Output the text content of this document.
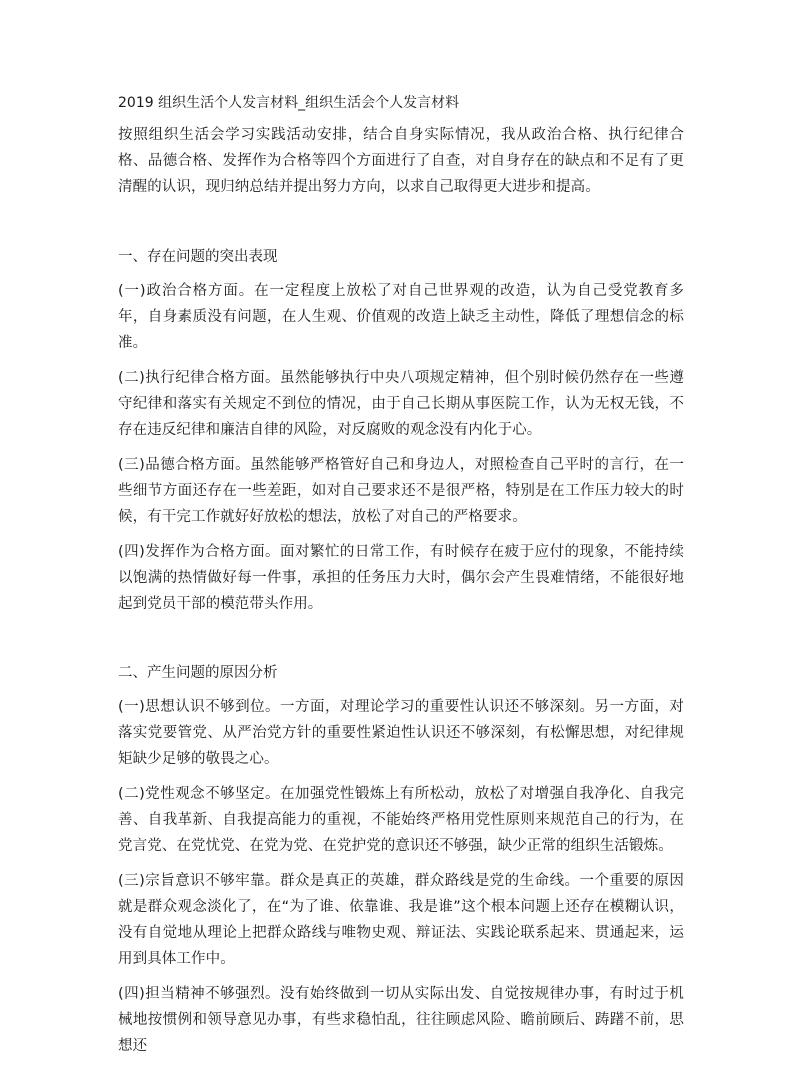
2019 组织生活个人发言材料_组织生活会个人发言材料

按照组织生活会学习实践活动安排，结合自身实际情况，我从政治合格、执行纪律合格、品德合格、发挥作为合格等四个方面进行了自查，对自身存在的缺点和不足有了更清醒的认识，现归纳总结并提出努力方向，以求自己取得更大进步和提高。

一、存在问题的突出表现

(一)政治合格方面。在一定程度上放松了对自己世界观的改造，认为自己受党教育多年，自身素质没有问题，在人生观、价值观的改造上缺乏主动性，降低了理想信念的标准。

(二)执行纪律合格方面。虽然能够执行中央八项规定精神，但个别时候仍然存在一些遵守纪律和落实有关规定不到位的情况，由于自己长期从事医院工作，认为无权无钱，不存在违反纪律和廉洁自律的风险，对反腐败的观念没有内化于心。

(三)品德合格方面。虽然能够严格管好自己和身边人，对照检查自己平时的言行，在一些细节方面还存在一些差距，如对自己要求还不是很严格，特别是在工作压力较大的时候，有干完工作就好好放松的想法，放松了对自己的严格要求。

(四)发挥作为合格方面。面对繁忙的日常工作，有时候存在疲于应付的现象，不能持续以饱满的热情做好每一件事，承担的任务压力大时，偶尔会产生畏难情绪，不能很好地起到党员干部的模范带头作用。

二、产生问题的原因分析

(一)思想认识不够到位。一方面，对理论学习的重要性认识还不够深刻。另一方面，对落实党要管党、从严治党方针的重要性紧迫性认识还不够深刻，有松懈思想，对纪律规矩缺少足够的敬畏之心。

(二)党性观念不够坚定。在加强党性锻炼上有所松动，放松了对增强自我净化、自我完善、自我革新、自我提高能力的重视，不能始终严格用党性原则来规范自己的行为，在党言党、在党忧党、在党为党、在党护党的意识还不够强，缺少正常的组织生活锻炼。

(三)宗旨意识不够牢靠。群众是真正的英雄，群众路线是党的生命线。一个重要的原因就是群众观念淡化了，在“为了谁、依靠谁、我是谁”这个根本问题上还存在模糊认识，没有自觉地从理论上把群众路线与唯物史观、辩证法、实践论联系起来、贯通起来，运用到具体工作中。

(四)担当精神不够强烈。没有始终做到一切从实际出发、自觉按规律办事，有时过于机械地按惯例和领导意见办事，有些求稳怕乱，往往顾虑风险、瞻前顾后、踌躇不前，思想还
